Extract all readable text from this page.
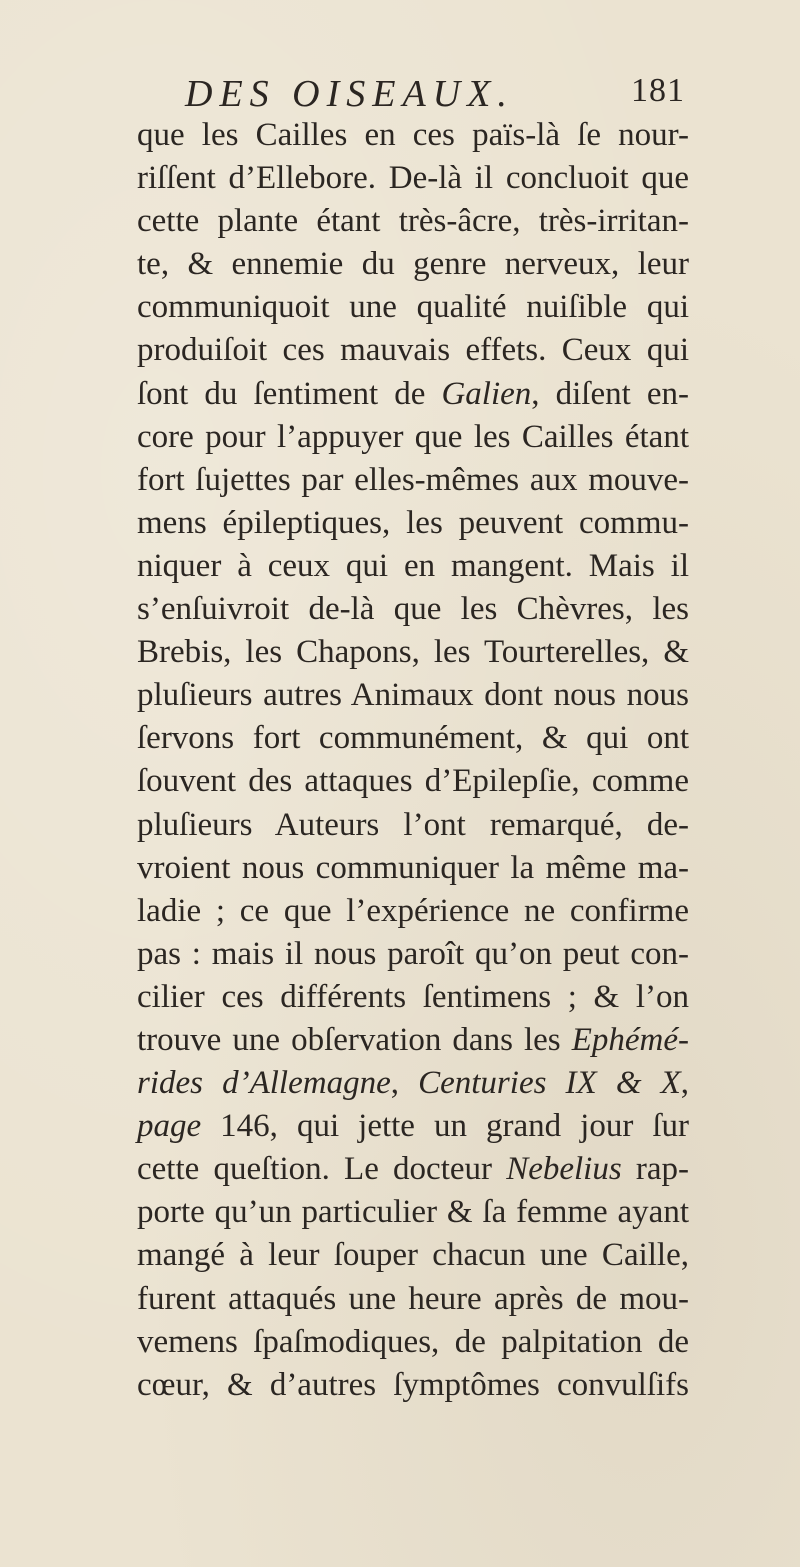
DES OISEAUX.	181
que les Cailles en ces païs-là ſe nour-
riſſent d’Ellebore. De-là il concluoit que
cette plante étant très-âcre, très-irritan-
te, & ennemie du genre nerveux, leur
communiquoit une qualité nuiſible qui
produiſoit ces mauvais effets. Ceux qui
ſont du ſentiment de Galien, diſent en-
core pour l’appuyer que les Cailles étant
fort ſujettes par elles-mêmes aux mouve-
mens épileptiques, les peuvent commu-
niquer à ceux qui en mangent. Mais il
s’enſuivroit de-là que les Chèvres, les
Brebis, les Chapons, les Tourterelles, &
pluſieurs autres Animaux dont nous nous
ſervons fort communément, & qui ont
ſouvent des attaques d’Epilepſie, comme
pluſieurs Auteurs l’ont remarqué, de-
vroient nous communiquer la même ma-
ladie ; ce que l’expérience ne confirme
pas : mais il nous paroît qu’on peut con-
cilier ces différents ſentimens ; & l’on
trouve une obſervation dans les Ephémé-
rides d’Allemagne, Centuries IX & X,
page 146, qui jette un grand jour ſur
cette queſtion. Le docteur Nebelius rap-
porte qu’un particulier & ſa femme ayant
mangé à leur ſouper chacun une Caille,
furent attaqués une heure après de mou-
vemens ſpaſmodiques, de palpitation de
cœur, & d’autres ſymptômes convulſifs
